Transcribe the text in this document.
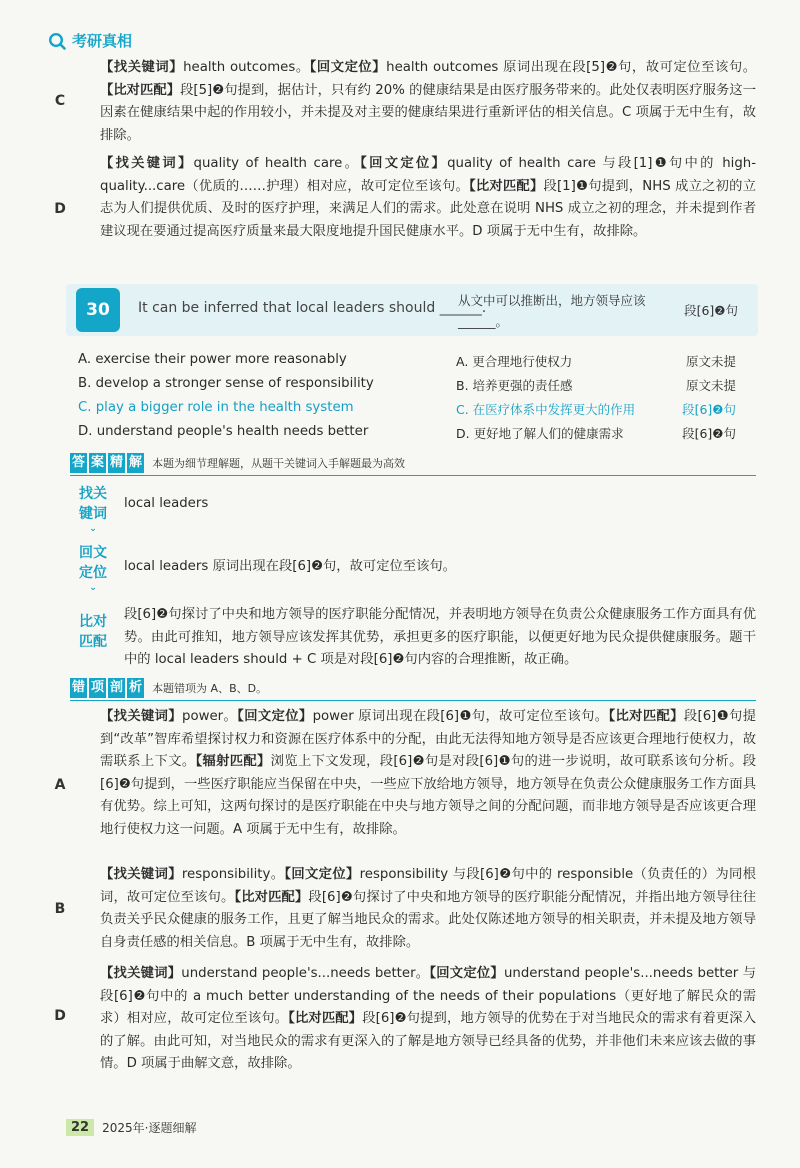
考研真相
C

【找关键词】health outcomes。【回文定位】health outcomes 原词出现在段[5]❷句，故可定位至该句。【比对匹配】段[5]❷句提到，据估计，只有约 20% 的健康结果是由医疗服务带来的。此处仅表明医疗服务这一因素在健康结果中起的作用较小，并未提及对主要的健康结果进行重新评估的相关信息。C 项属于无中生有，故排除。

D

【找关键词】quality of health care。【回文定位】quality of health care 与段[1]❶句中的 high-quality...care（优质的……护理）相对应，故可定位至该句。【比对匹配】段[1]❶句提到，NHS 成立之初的立志为人们提供优质、及时的医疗护理，来满足人们的需求。此处意在说明 NHS 成立之初的理念，并未提到作者建议现在要通过提高医疗质量来最大限度地提升国民健康水平。D 项属于无中生有，故排除。

30	It can be inferred that local leaders should ______.
从文中可以推断出，地方领导应该______。
段[6]❷句
A. exercise their power more reasonably	A. 更合理地行使权力	原文未提
B. develop a stronger sense of responsibility	B. 培养更强的责任感	原文未提
C. play a bigger role in the health system	C. 在医疗体系中发挥更大的作用	段[6]❷句
D. understand people's health needs better	D. 更好地了解人们的健康需求	段[6]❷句
答 案 精 解 本题为细节理解题，从题干关键词入手解题最为高效
找关键词
⌄
local leaders
回文定位
⌄
local leaders 原词出现在段[6]❷句，故可定位至该句。
比对匹配
段[6]❷句探讨了中央和地方领导的医疗职能分配情况，并表明地方领导在负责公众健康服务工作方面具有优势。由此可推知，地方领导应该发挥其优势，承担更多的医疗职能，以便更好地为民众提供健康服务。题干中的 local leaders should + C 项是对段[6]❷句内容的合理推断，故正确。
错 项 剖 析 本题错项为 A、B、D。
A

【找关键词】power。【回文定位】power 原词出现在段[6]❶句，故可定位至该句。【比对匹配】段[6]❶句提到“改革”智库希望探讨权力和资源在医疗体系中的分配，由此无法得知地方领导是否应该更合理地行使权力，故需联系上下文。【辐射匹配】浏览上下文发现，段[6]❷句是对段[6]❶句的进一步说明，故可联系该句分析。段[6]❷句提到，一些医疗职能应当保留在中央，一些应下放给地方领导，地方领导在负责公众健康服务工作方面具有优势。综上可知，这两句探讨的是医疗职能在中央与地方领导之间的分配问题，而非地方领导是否应该更合理地行使权力这一问题。A 项属于无中生有，故排除。

B

【找关键词】responsibility。【回文定位】responsibility 与段[6]❷句中的 responsible（负责任的）为同根词，故可定位至该句。【比对匹配】段[6]❷句探讨了中央和地方领导的医疗职能分配情况，并指出地方领导往往负责关乎民众健康的服务工作，且更了解当地民众的需求。此处仅陈述地方领导的相关职责，并未提及地方领导自身责任感的相关信息。B 项属于无中生有，故排除。

D

【找关键词】understand people's...needs better。【回文定位】understand people's...needs better 与段[6]❷句中的 a much better understanding of the needs of their populations（更好地了解民众的需求）相对应，故可定位至该句。【比对匹配】段[6]❷句提到，地方领导的优势在于对当地民众的需求有着更深入的了解。由此可知，对当地民众的需求有更深入的了解是地方领导已经具备的优势，并非他们未来应该去做的事情。D 项属于曲解文意，故排除。

22	2025年·逐题细解
